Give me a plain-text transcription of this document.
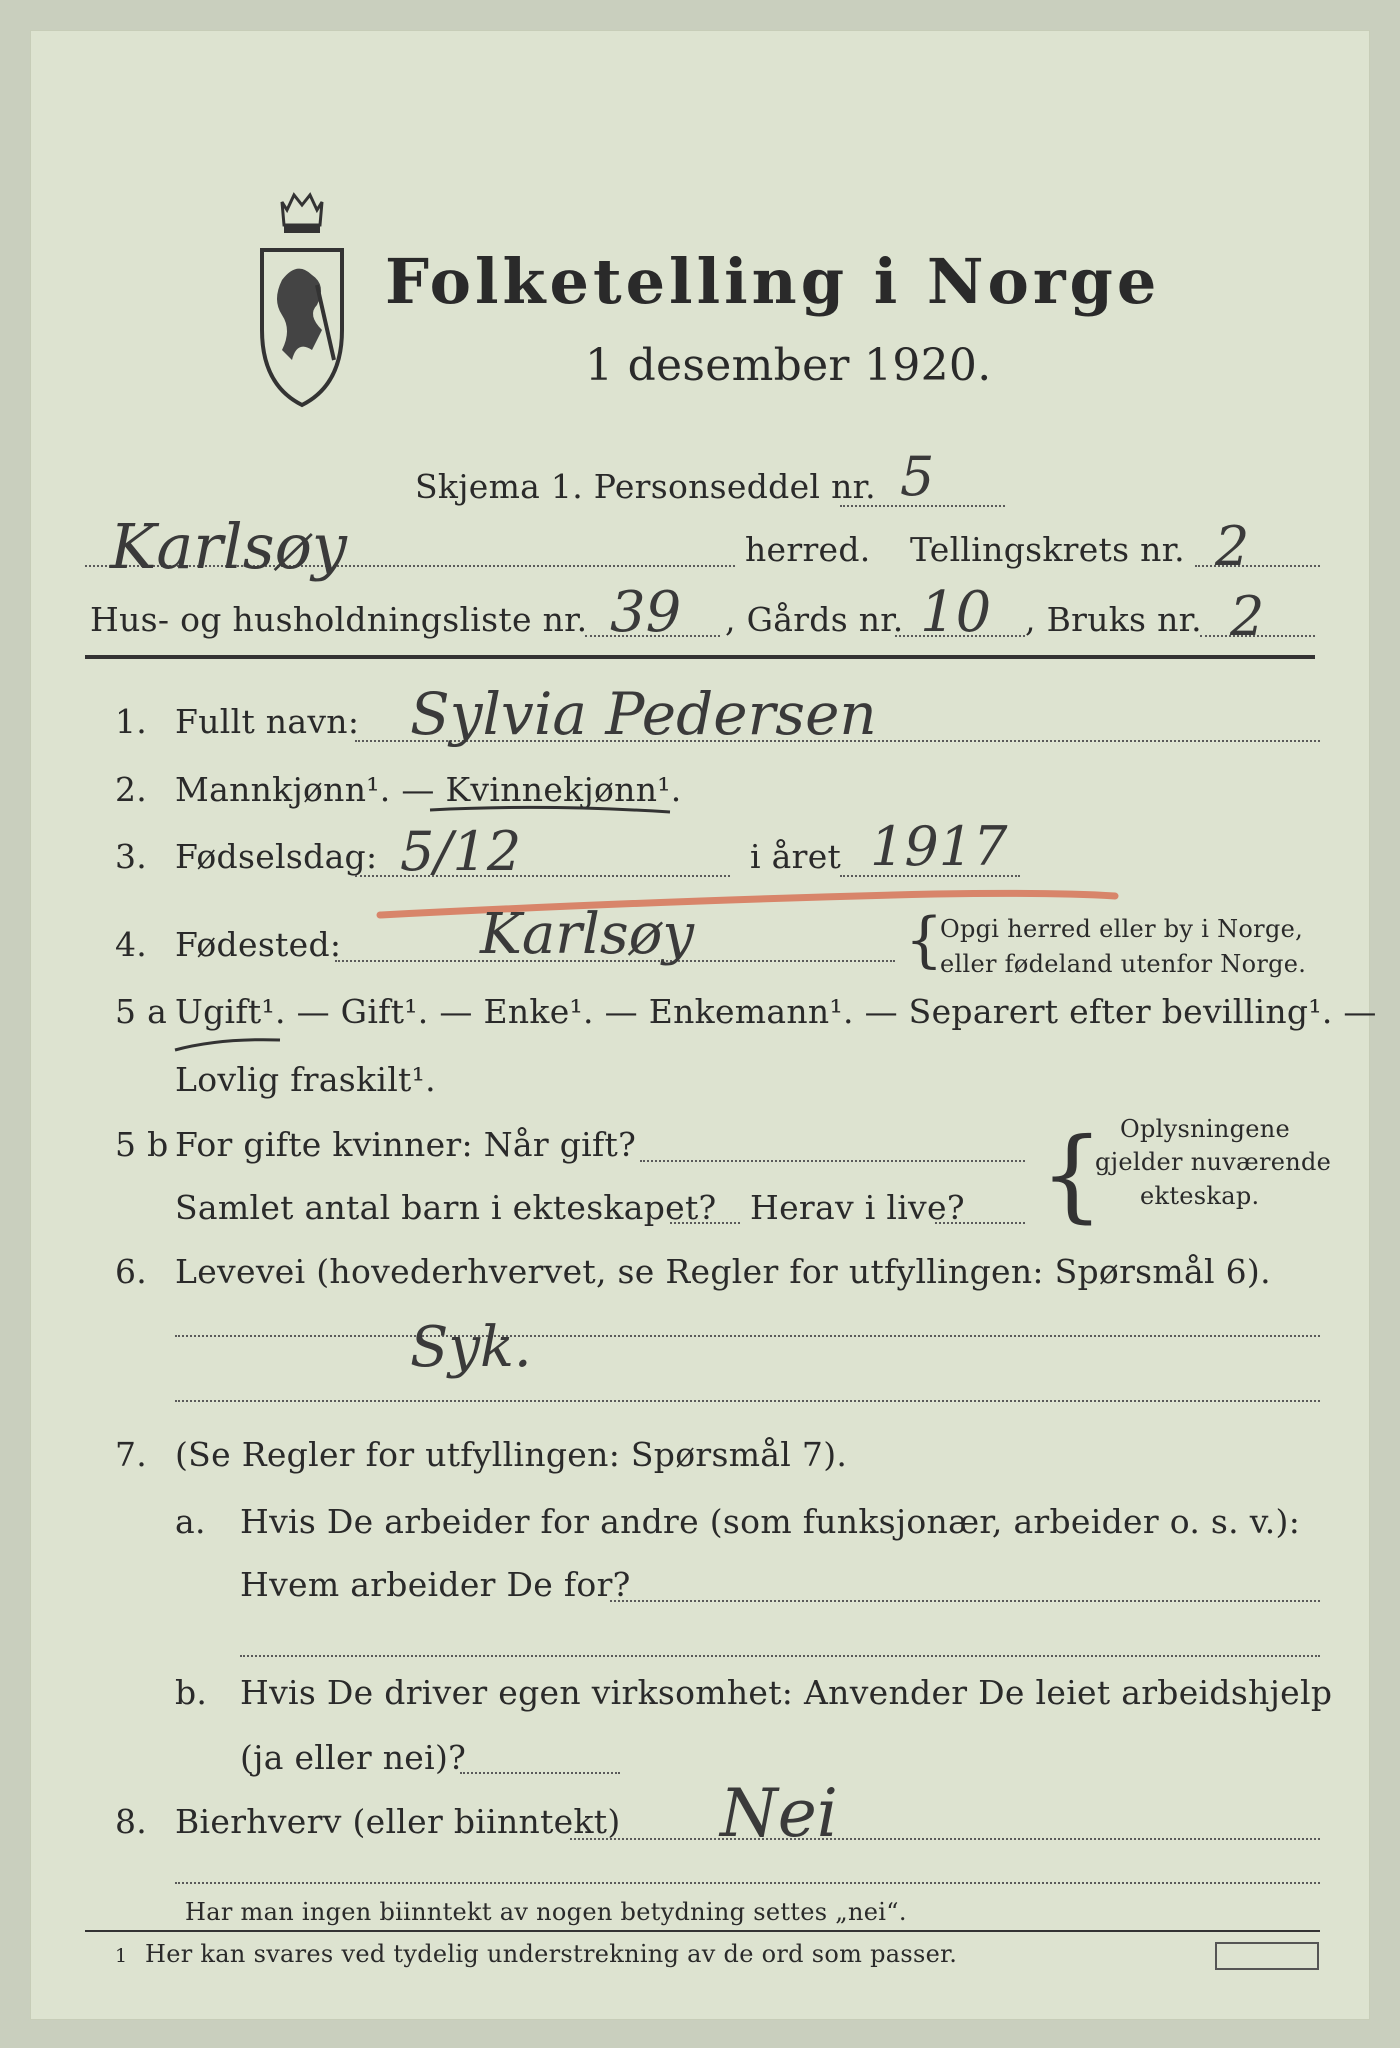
Folketelling i Norge
1 desember 1920.
Skjema 1. Personseddel nr. 5
Karlsøy	herred. Tellingskrets nr. 2
Hus- og husholdningsliste nr. 39 , Gårds nr. 10 , Bruks nr. 2
1. Fullt navn: Sylvia Pedersen
2. Mannkjønn¹. — Kvinnekjønn¹.
3. Fødselsdag: 5/12	i året 1917
4. Fødested: Karlsøy	{
Opgi herred eller by i Norge,
eller fødeland utenfor Norge.
5 a Ugift¹. — Gift¹. — Enke¹. — Enkemann¹. — Separert efter bevilling¹. —
Lovlig fraskilt¹.
5 b For gifte kvinner: Når gift?
Samlet antal barn i ekteskapet? Herav i live? { Oplysningene
gjelder nuværende
ekteskap.
6. Levevei (hovederhvervet, se Regler for utfyllingen: Spørsmål 6).
Syk.
7. (Se Regler for utfyllingen: Spørsmål 7).
a. Hvis De arbeider for andre (som funksjonær, arbeider o. s. v.):
Hvem arbeider De for?
b. Hvis De driver egen virksomhet: Anvender De leiet arbeidshjelp
(ja eller nei)?
8. Bierhverv (eller biinntekt) Nei
Har man ingen biinntekt av nogen betydning settes „nei“.
1 Her kan svares ved tydelig understrekning av de ord som passer.
